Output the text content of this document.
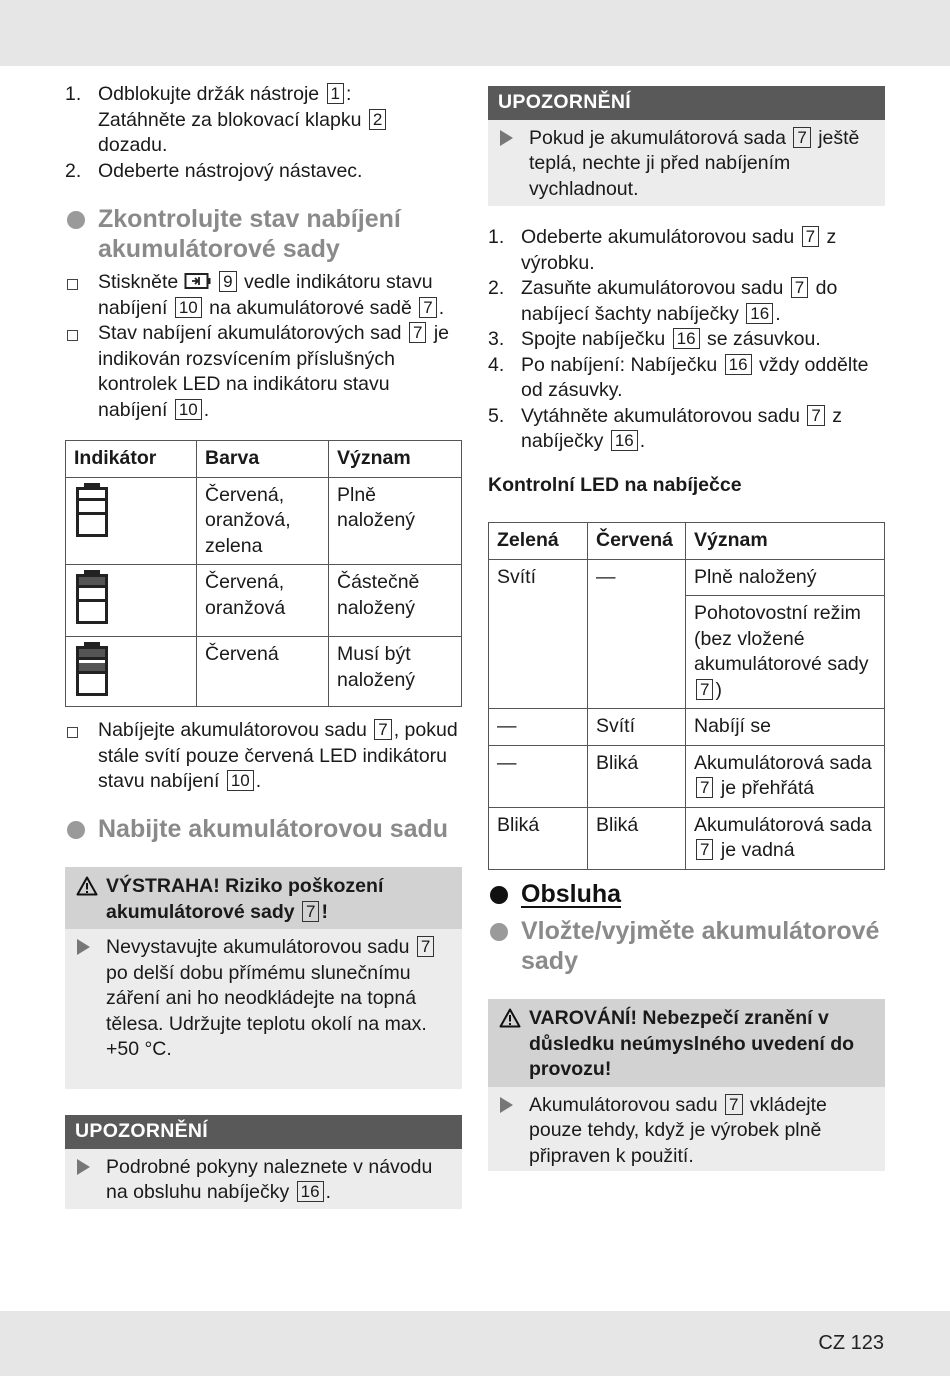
1. Odblokujte držák nástroje 1 :
Zatáhněte za blokovací klapku 2
dozadu.
2. Odeberte nástrojový nástavec.
Zkontrolujte stav nabíjení akumulátorové sady
Stiskněte  9 vedle indikátoru stavu nabíjení 10 na akumulátorové sadě 7 .
Stav nabíjení akumulátorových sad 7 je indikován rozsvícením příslušných kontrolek LED na indikátoru stavu nabíjení 10 .
Indikátor	Barva	Význam

	Červená, oranžová, zelena	Plně naložený

	Červená, oranžová	Částečně naložený

	Červená	Musí být naložený
Nabíjejte akumulátorovou sadu 7 , pokud stále svítí pouze červená LED indikátoru stavu nabíjení 10 .
Nabijte akumulátorovou sadu
VÝSTRAHA! Riziko poškození akumulátorové sady 7 !
Nevystavujte akumulátorovou sadu 7 po delší dobu přímému slunečnímu záření ani ho neodkládejte na topná tělesa. Udržujte teplotu okolí na max. +50 °C.
UPOZORNĚNÍ
Podrobné pokyny naleznete v návodu na obsluhu nabíječky 16 .
UPOZORNĚNÍ
Pokud je akumulátorová sada 7 ještě teplá, nechte ji před nabíjením vychladnout.
1. Odeberte akumulátorovou sadu 7 z výrobku.
2. Zasuňte akumulátorovou sadu 7 do nabíjecí šachty nabíječky 16 .
3. Spojte nabíječku 16 se zásuvkou.
4. Po nabíjení: Nabíječku 16 vždy oddělte od zásuvky.
5. Vytáhněte akumulátorovou sadu 7 z nabíječky 16 .
Kontrolní LED na nabíječce
Zelená	Červená	Význam
Svítí	—	Plně naložený
		Pohotovostní režim (bez vložené akumulátorové sady 7 )
—	Svítí	Nabíjí se
—	Bliká	Akumulátorová sada 7 je přehřátá
Bliká	Bliká	Akumulátorová sada 7 je vadná
Obsluha
Vložte/vyjměte akumulátorové sady
VAROVÁNÍ! Nebezpečí zranění v důsledku neúmyslného uvedení do provozu!
Akumulátorovou sadu 7 vkládejte pouze tehdy, když je výrobek plně připraven k použití.
CZ 123
